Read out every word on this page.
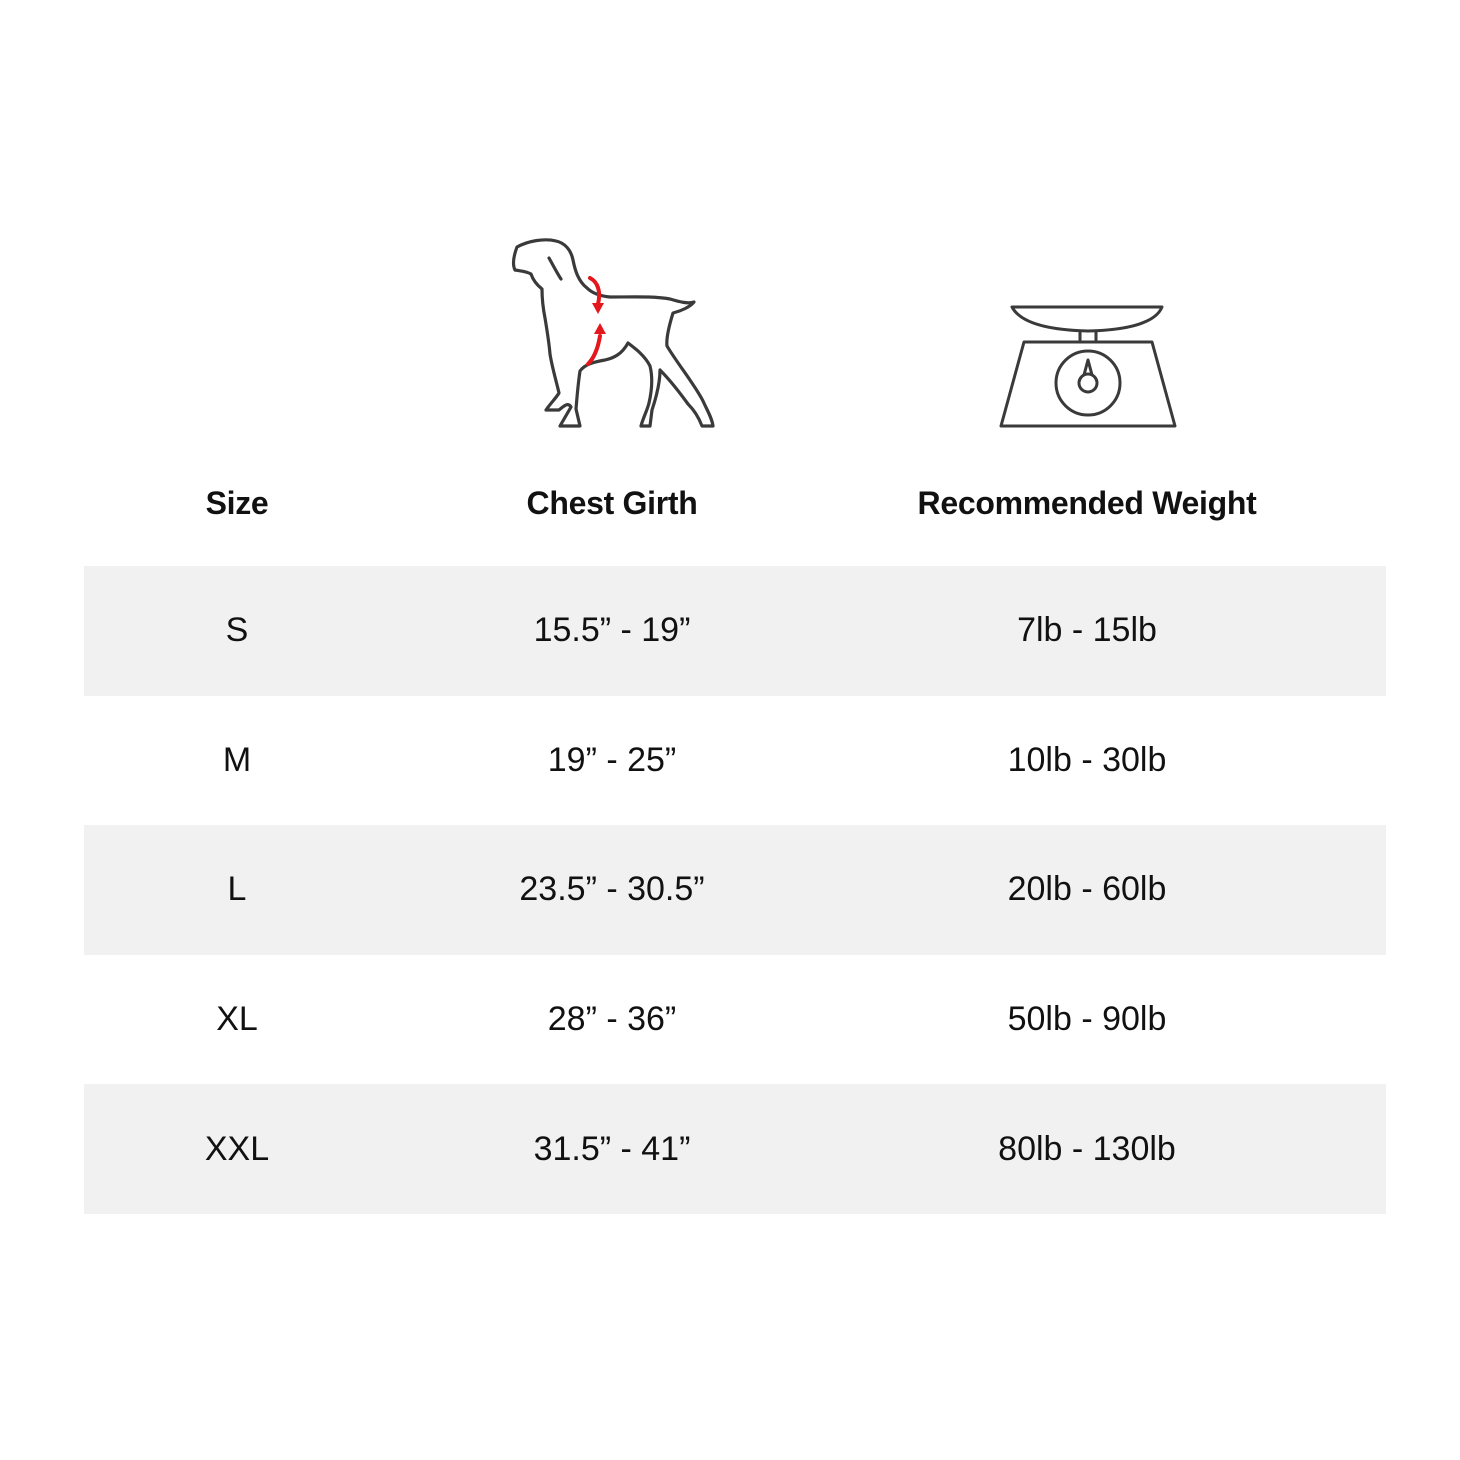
Size	Chest Girth	Recommended Weight
S	15.5” - 19”	7lb - 15lb
M	19” - 25”	10lb - 30lb
L	23.5” - 30.5”	20lb - 60lb
XL	28” - 36”	50lb - 90lb
XXL	31.5” - 41”	80lb - 130lb
